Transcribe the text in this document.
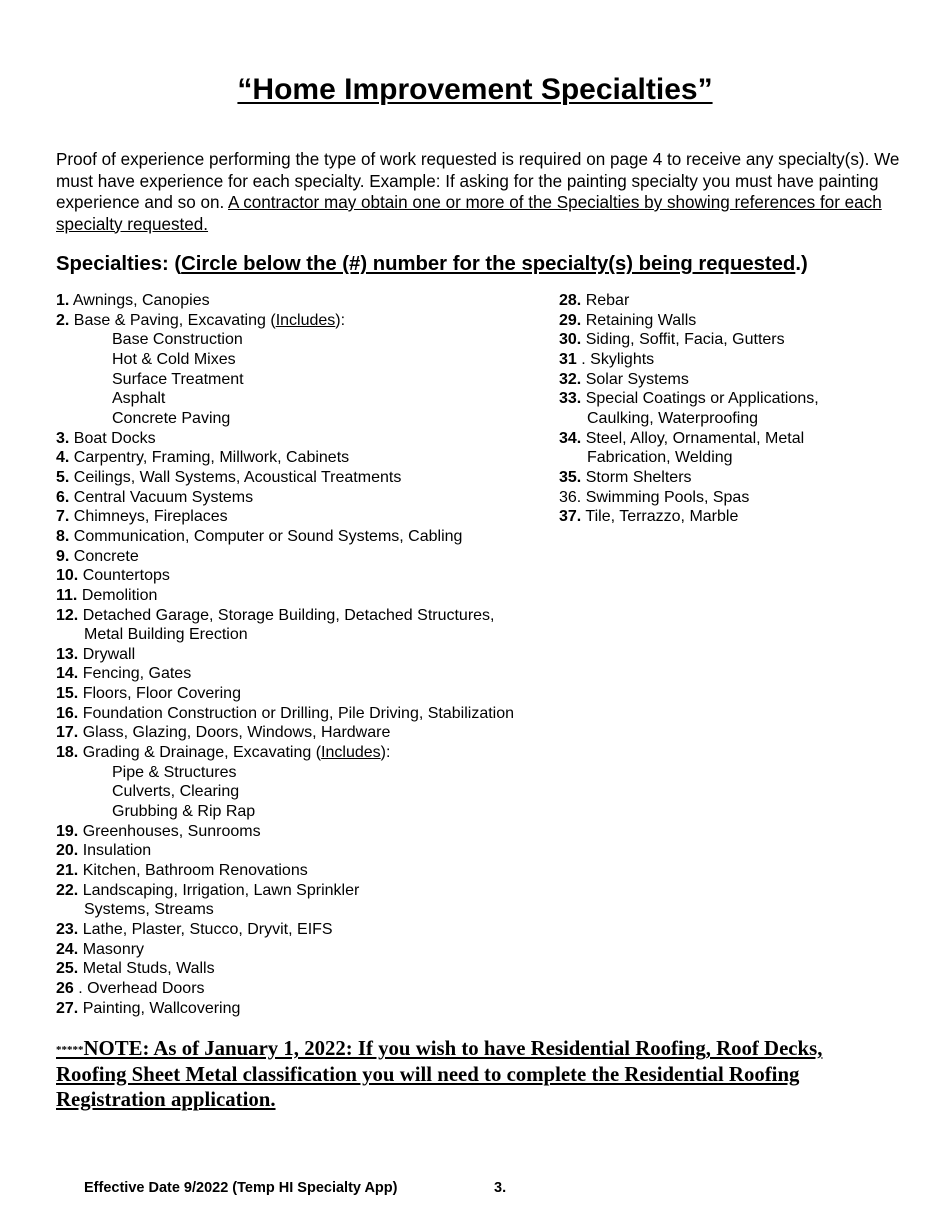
“Home Improvement Specialties”
Proof of experience performing the type of work requested is required on page 4 to receive any specialty(s). We must have experience for each specialty. Example: If asking for the painting specialty you must have painting experience and so on. A contractor may obtain one or more of the Specialties by showing references for each specialty requested.
Specialties: (Circle below the (#) number for the specialty(s) being requested.)
1. Awnings, Canopies
2. Base & Paving, Excavating (Includes):
Base Construction
Hot & Cold Mixes
Surface Treatment
Asphalt
Concrete Paving
3. Boat Docks
4. Carpentry, Framing, Millwork, Cabinets
5. Ceilings, Wall Systems, Acoustical Treatments
6. Central Vacuum Systems
7. Chimneys, Fireplaces
8. Communication, Computer or Sound Systems, Cabling
9. Concrete
10. Countertops
11. Demolition
12. Detached Garage, Storage Building, Detached Structures,
Metal Building Erection
13. Drywall
14. Fencing, Gates
15. Floors, Floor Covering
16. Foundation Construction or Drilling, Pile Driving, Stabilization
17. Glass, Glazing, Doors, Windows, Hardware
18. Grading & Drainage, Excavating (Includes):
Pipe & Structures
Culverts, Clearing
Grubbing & Rip Rap
19. Greenhouses, Sunrooms
20. Insulation
21. Kitchen, Bathroom Renovations
22. Landscaping, Irrigation, Lawn Sprinkler
Systems, Streams
23. Lathe, Plaster, Stucco, Dryvit, EIFS
24. Masonry
25. Metal Studs, Walls
26 . Overhead Doors
27. Painting, Wallcovering
28. Rebar
29. Retaining Walls
30. Siding, Soffit, Facia, Gutters
31 . Skylights
32. Solar Systems
33. Special Coatings or Applications,
Caulking, Waterproofing
34. Steel, Alloy, Ornamental, Metal
Fabrication, Welding
35. Storm Shelters
36. Swimming Pools, Spas
37. Tile, Terrazzo, Marble
*****NOTE: As of January 1, 2022: If you wish to have Residential Roofing, Roof Decks, Roofing Sheet Metal classification you will need to complete the Residential Roofing Registration application.
Effective Date 9/2022 (Temp HI Specialty App)	3.
